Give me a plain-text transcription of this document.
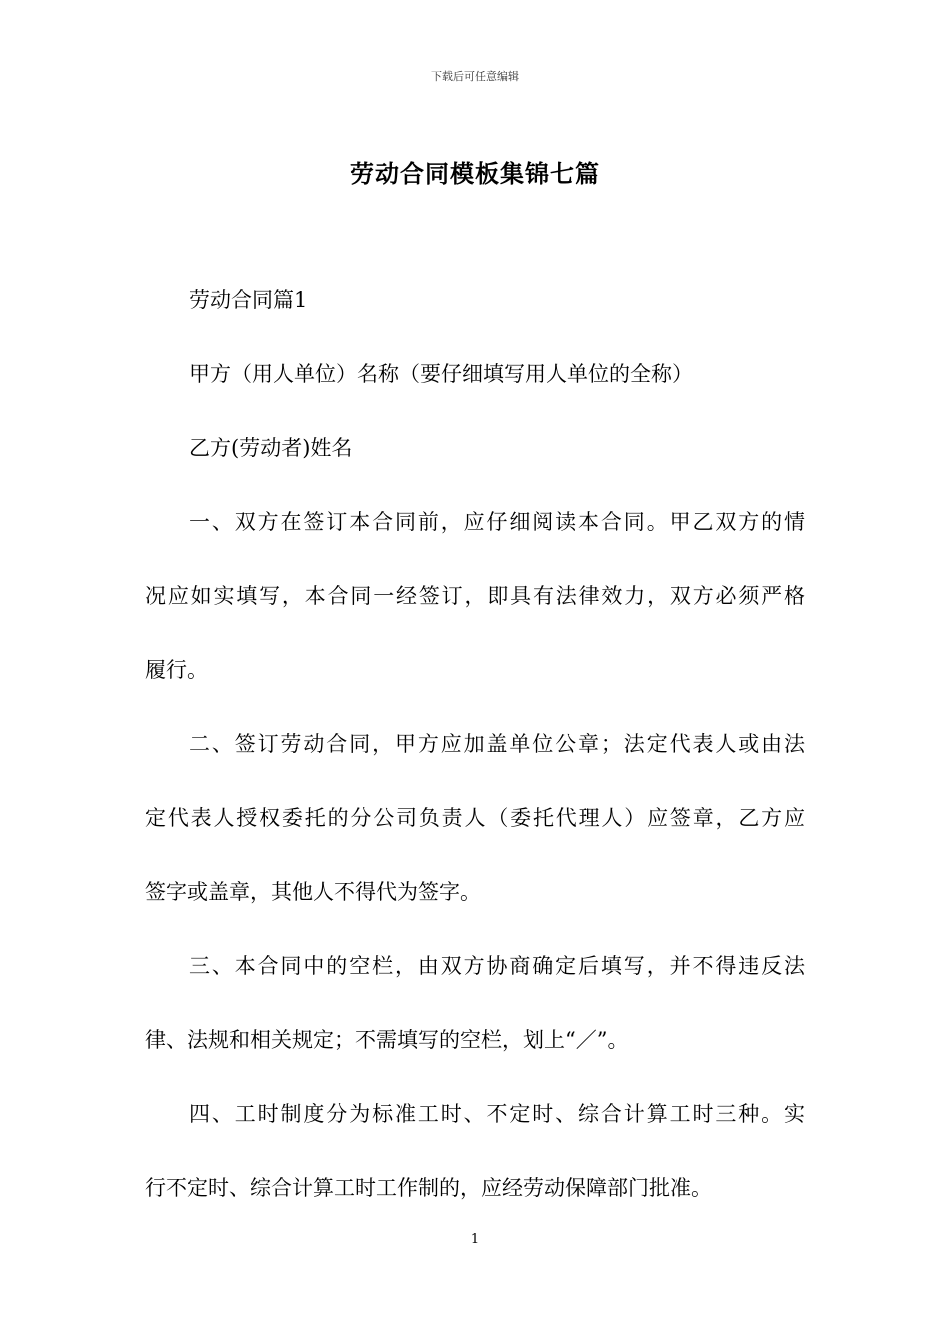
下载后可任意编辑
劳动合同模板集锦七篇
劳动合同篇1
甲方（用人单位）名称（要仔细填写用人单位的全称）
乙方(劳动者)姓名
一、双方在签订本合同前，应仔细阅读本合同。甲乙双方的情
况应如实填写，本合同一经签订，即具有法律效力，双方必须严格
履行。
二、签订劳动合同，甲方应加盖单位公章；法定代表人或由法
定代表人授权委托的分公司负责人（委托代理人）应签章，乙方应
签字或盖章，其他人不得代为签字。
三、本合同中的空栏，由双方协商确定后填写，并不得违反法
律、法规和相关规定；不需填写的空栏，划上“／”。
四、工时制度分为标准工时、不定时、综合计算工时三种。实
行不定时、综合计算工时工作制的，应经劳动保障部门批准。
1
